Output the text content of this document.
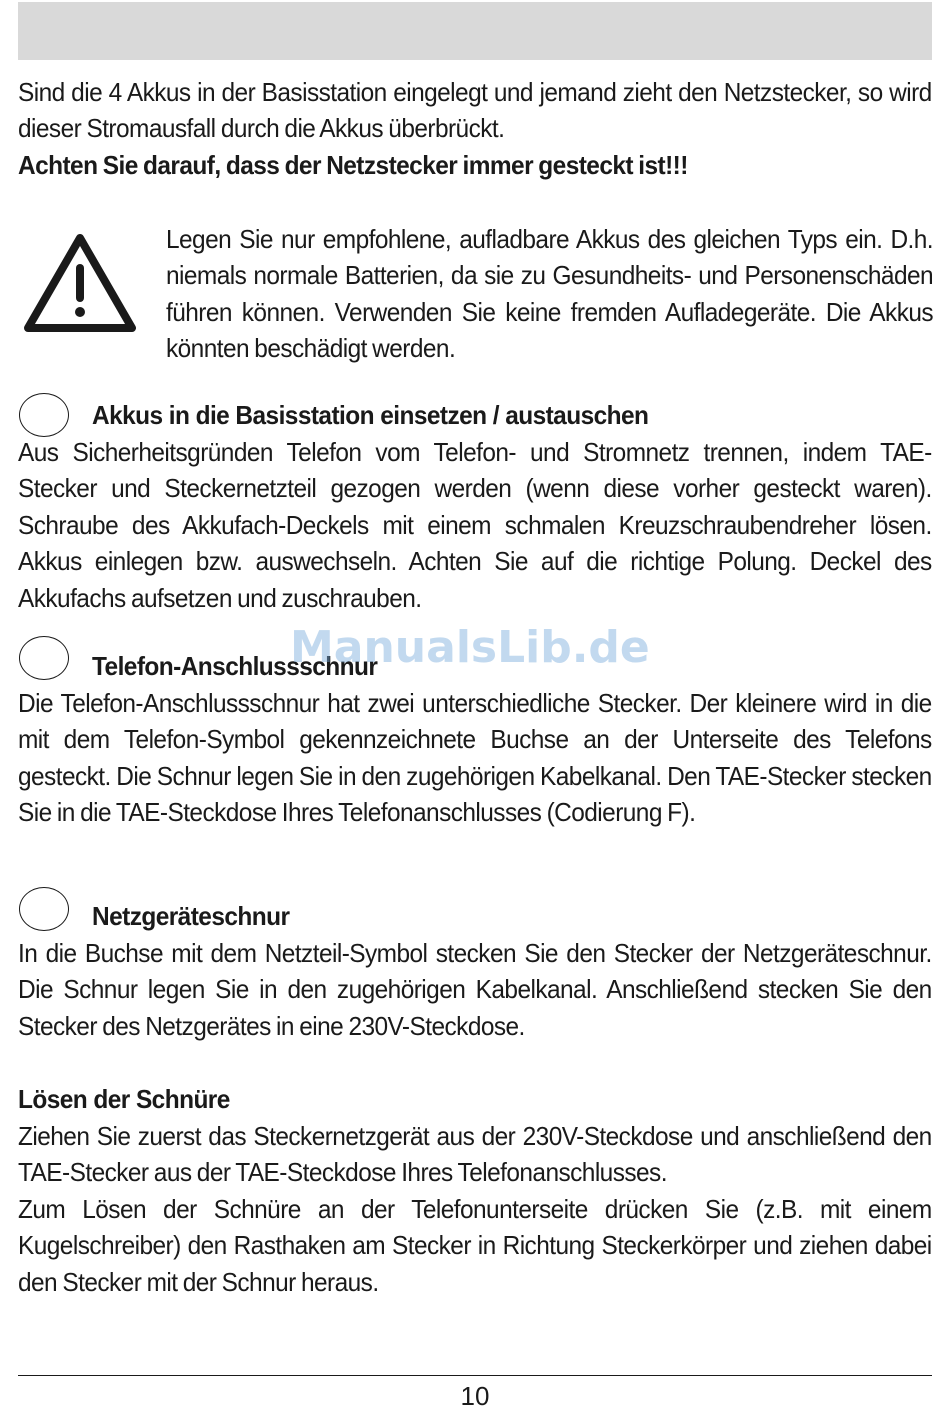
Sind die 4 Akkus in der Basisstation eingelegt und jemand zieht den Netzstecker, so wird dieser Stromausfall durch die Akkus überbrückt.

Achten Sie darauf, dass der Netzstecker immer gesteckt ist!!!

Legen Sie nur empfohlene, aufladbare Akkus des gleichen Typs ein. D.h. niemals normale Batterien, da sie zu Gesundheits- und Personenschäden führen können. Verwenden Sie keine fremden Aufladegeräte. Die Akkus könnten beschädigt werden.
Akkus in die Basisstation einsetzen / austauschen
Aus Sicherheitsgründen Telefon vom Telefon- und Stromnetz trennen, indem TAE-Stecker und Steckernetzteil gezogen werden (wenn diese vorher gesteckt waren). Schraube des Akkufach-Deckels mit einem schmalen Kreuzschraubendreher lösen. Akkus einlegen bzw. auswechseln. Achten Sie auf die richtige Polung. Deckel des Akkufachs aufsetzen und zuschrauben.
Telefon-Anschlussschnur
Die Telefon-Anschlussschnur hat zwei unterschiedliche Stecker. Der kleinere wird in die mit dem Telefon-Symbol gekennzeichnete Buchse an der Unterseite des Telefons gesteckt. Die Schnur legen Sie in den zugehörigen Kabelkanal. Den TAE-Stecker stecken Sie in die TAE-Steckdose Ihres Telefonanschlusses (Codierung F).
ManualsLib.de
Netzgeräteschnur
In die Buchse mit dem Netzteil-Symbol stecken Sie den Stecker der Netzgeräteschnur. Die Schnur legen Sie in den zugehörigen Kabelkanal. Anschließend stecken Sie den Stecker des Netzgerätes in eine 230V-Steckdose.
Lösen der Schnüre

Ziehen Sie zuerst das Steckernetzgerät aus der 230V-Steckdose und anschließend den TAE-Stecker aus der TAE-Steckdose Ihres Telefonanschlusses.

Zum Lösen der Schnüre an der Telefonunterseite drücken Sie (z.B. mit einem Kugelschreiber) den Rasthaken am Stecker in Richtung Steckerkörper und ziehen dabei den Stecker mit der Schnur heraus.

10
